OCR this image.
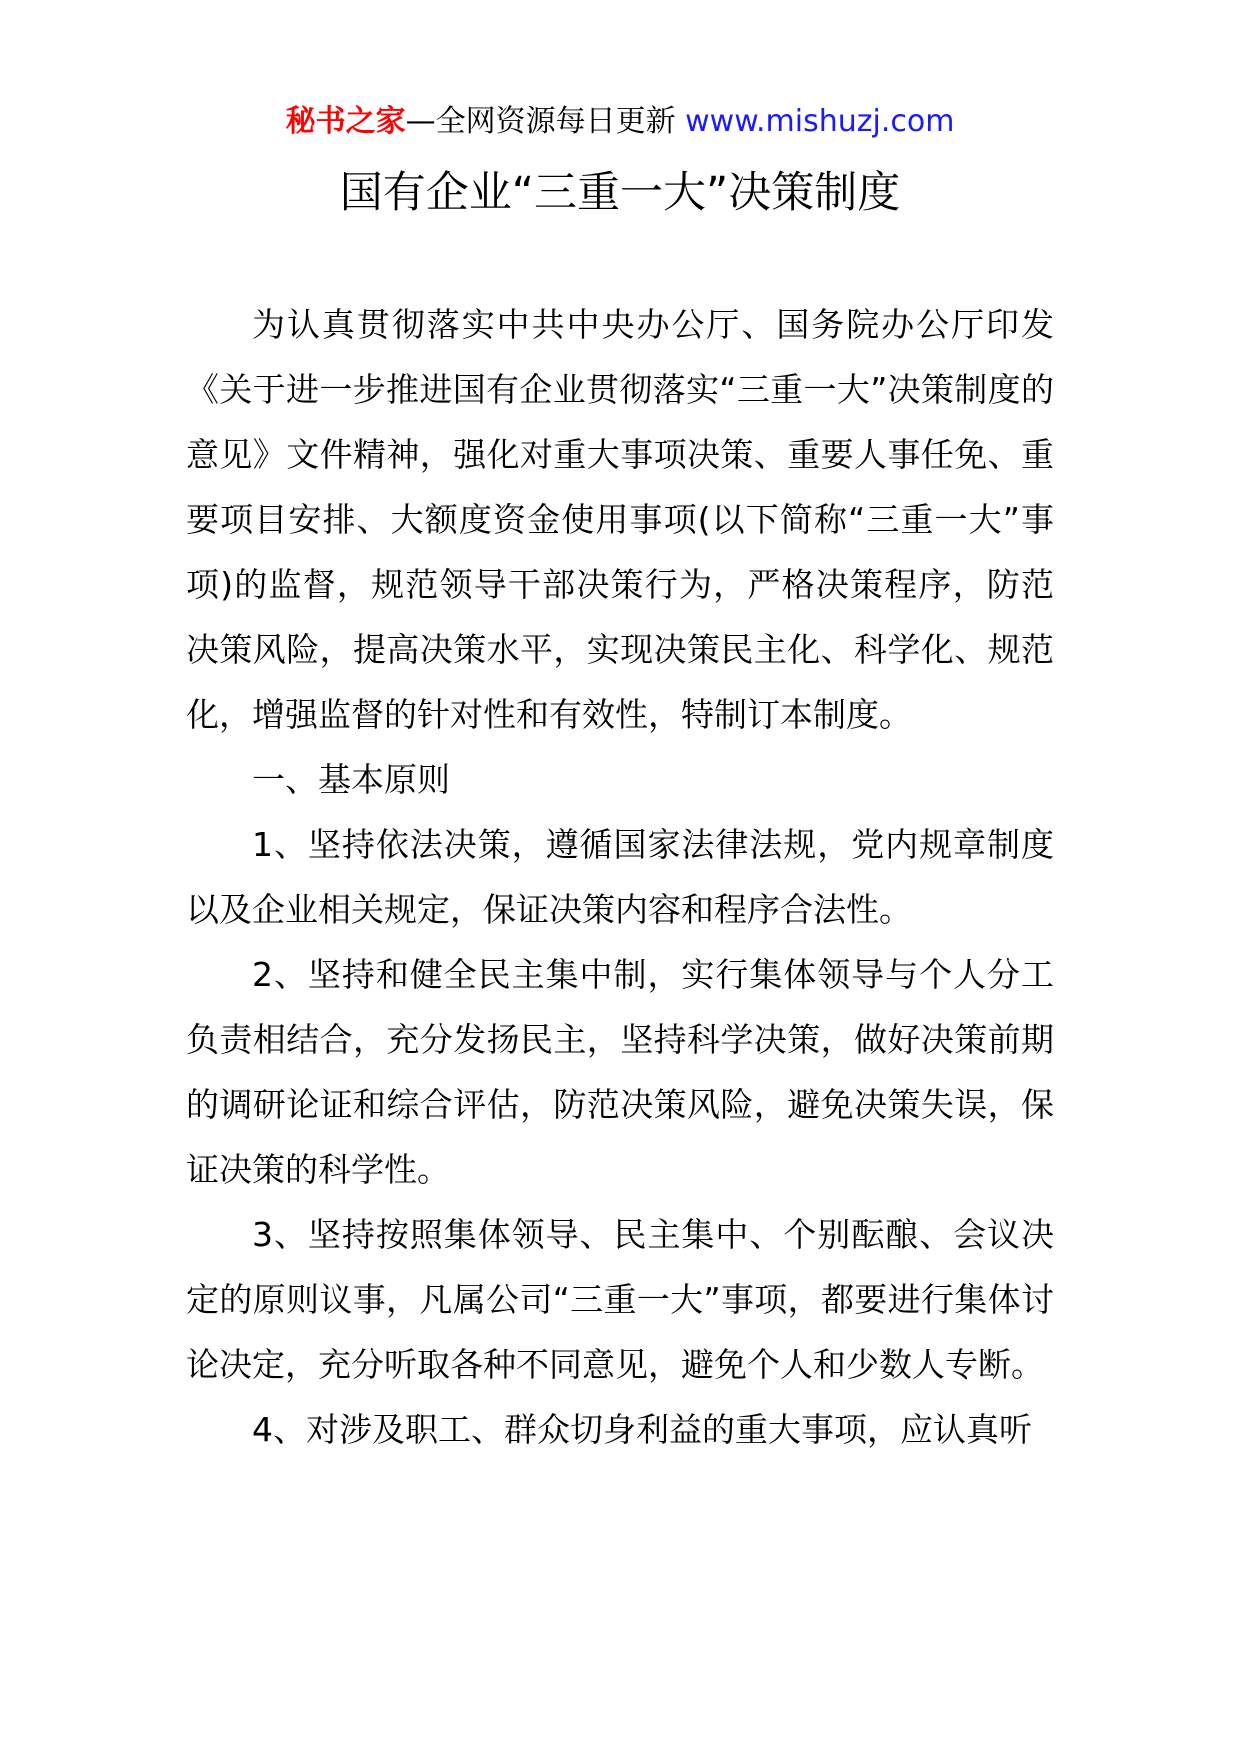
秘书之家—全网资源每日更新 www.mishuzj.com
国有企业“三重一大”决策制度

为认真贯彻落实中共中央办公厅、国务院办公厅印发《关于进一步推进国有企业贯彻落实“三重一大”决策制度的意见》文件精神，强化对重大事项决策、重要人事任免、重要项目安排、大额度资金使用事项(以下简称“三重一大”事项)的监督，规范领导干部决策行为，严格决策程序，防范决策风险，提高决策水平，实现决策民主化、科学化、规范化，增强监督的针对性和有效性，特制订本制度。

一、基本原则

1、坚持依法决策，遵循国家法律法规，党内规章制度以及企业相关规定，保证决策内容和程序合法性。

2、坚持和健全民主集中制，实行集体领导与个人分工负责相结合，充分发扬民主，坚持科学决策，做好决策前期的调研论证和综合评估，防范决策风险，避免决策失误，保证决策的科学性。

3、坚持按照集体领导、民主集中、个别酝酿、会议决定的原则议事，凡属公司“三重一大”事项，都要进行集体讨论决定，充分听取各种不同意见，避免个人和少数人专断。

4、对涉及职工、群众切身利益的重大事项，应认真听
